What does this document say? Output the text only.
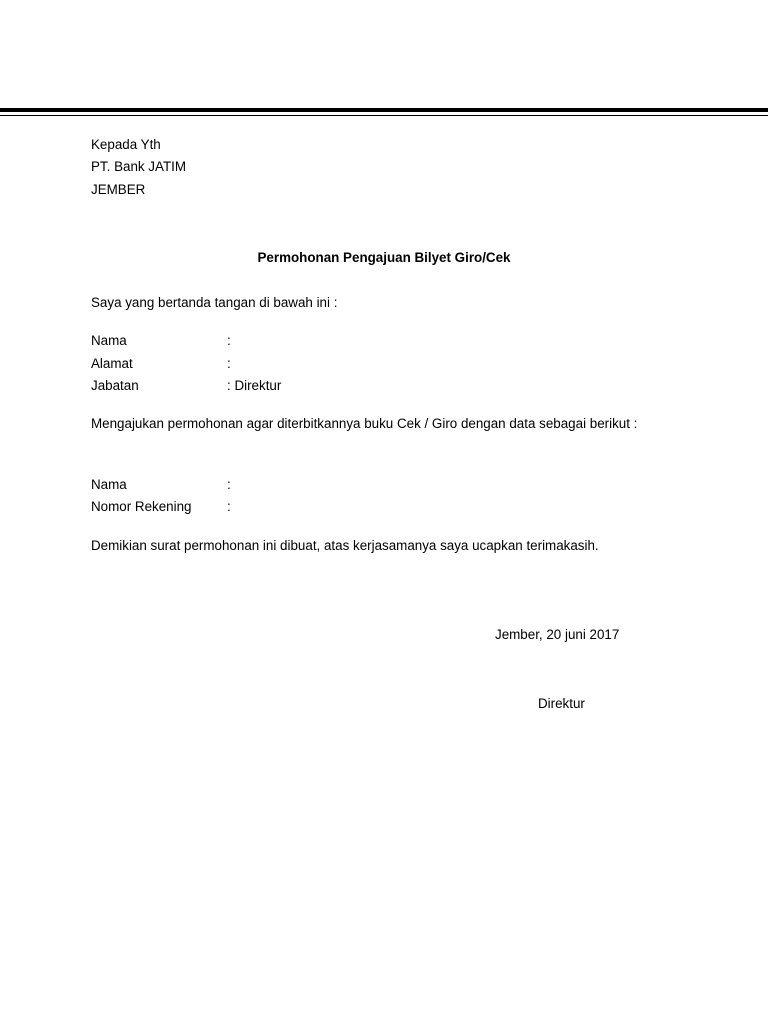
Kepada Yth
PT. Bank JATIM
JEMBER
Permohonan Pengajuan Bilyet Giro/Cek
Saya yang bertanda tangan di bawah ini :
Nama	:
Alamat	:
Jabatan	: Direktur
Mengajukan permohonan agar diterbitkannya buku Cek / Giro dengan data sebagai berikut :
Nama	:
Nomor Rekening	:
Demikian surat permohonan ini dibuat, atas kerjasamanya saya ucapkan terimakasih.
Jember, 20 juni 2017
Direktur
